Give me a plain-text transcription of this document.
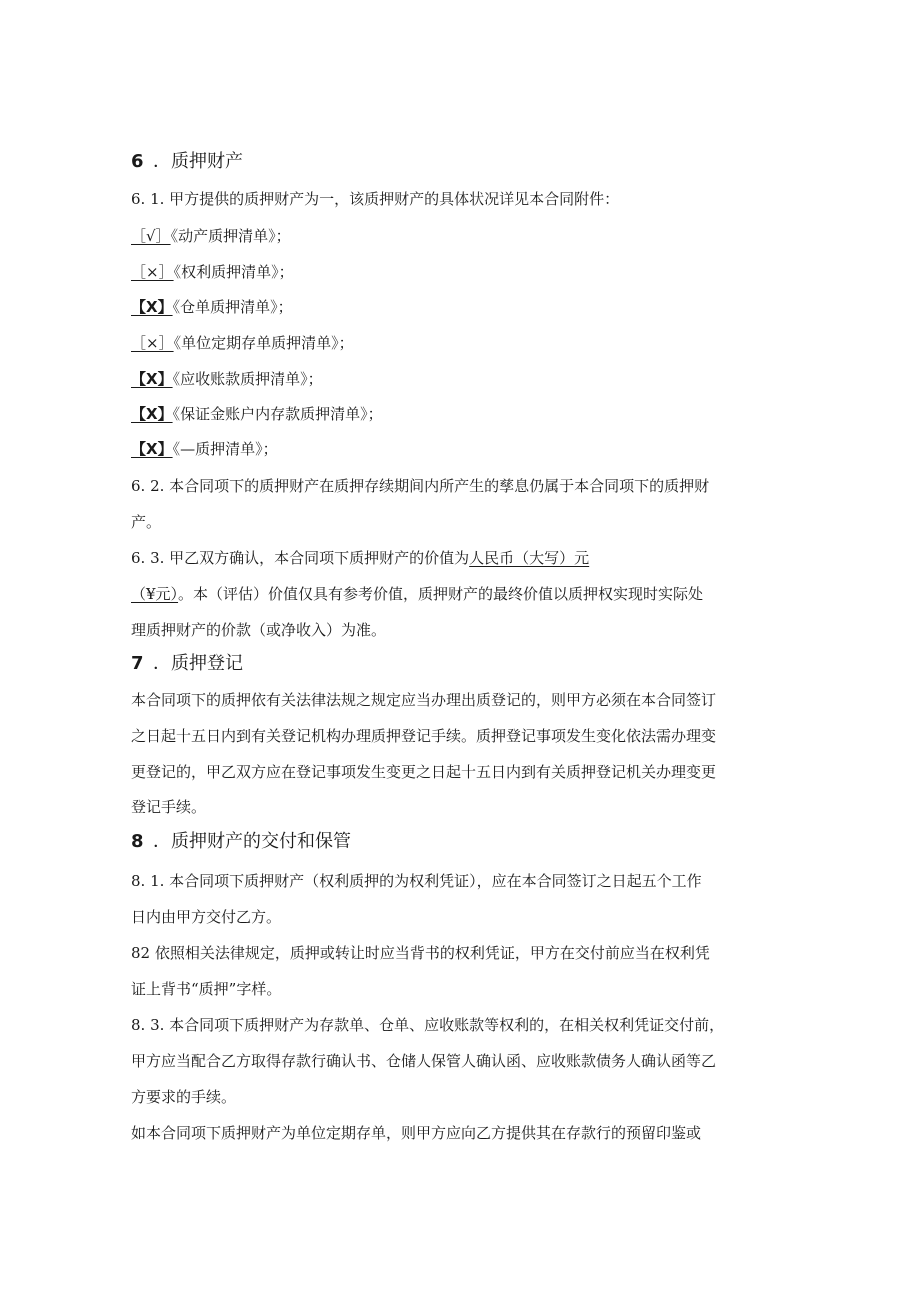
6 ．质押财产
6. 1. 甲方提供的质押财产为一，该质押财产的具体状况详见本合同附件：
［√］《动产质押清单》；
［×］《权利质押清单》；
【X】《仓单质押清单》；
［×］《单位定期存单质押清单》；
【X】《应收账款质押清单》；
【X】《保证金账户内存款质押清单》；
【X】《—质押清单》；
6. 2. 本合同项下的质押财产在质押存续期间内所产生的孳息仍属于本合同项下的质押财
产。
6. 3. 甲乙双方确认，本合同项下质押财产的价值为人民币（大写）元
（¥元）。本（评估）价值仅具有参考价值，质押财产的最终价值以质押权实现时实际处
理质押财产的价款（或净收入）为准。
7 ．质押登记
本合同项下的质押依有关法律法规之规定应当办理出质登记的，则甲方必须在本合同签订
之日起十五日内到有关登记机构办理质押登记手续。质押登记事项发生变化依法需办理变
更登记的，甲乙双方应在登记事项发生变更之日起十五日内到有关质押登记机关办理变更
登记手续。
8 ．质押财产的交付和保管
8. 1. 本合同项下质押财产（权利质押的为权利凭证），应在本合同签订之日起五个工作
日内由甲方交付乙方。
82 依照相关法律规定，质押或转让时应当背书的权利凭证，甲方在交付前应当在权利凭
证上背书“质押”字样。
8. 3. 本合同项下质押财产为存款单、仓单、应收账款等权利的，在相关权利凭证交付前，
甲方应当配合乙方取得存款行确认书、仓储人保管人确认函、应收账款债务人确认函等乙
方要求的手续。
如本合同项下质押财产为单位定期存单，则甲方应向乙方提供其在存款行的预留印鉴或
